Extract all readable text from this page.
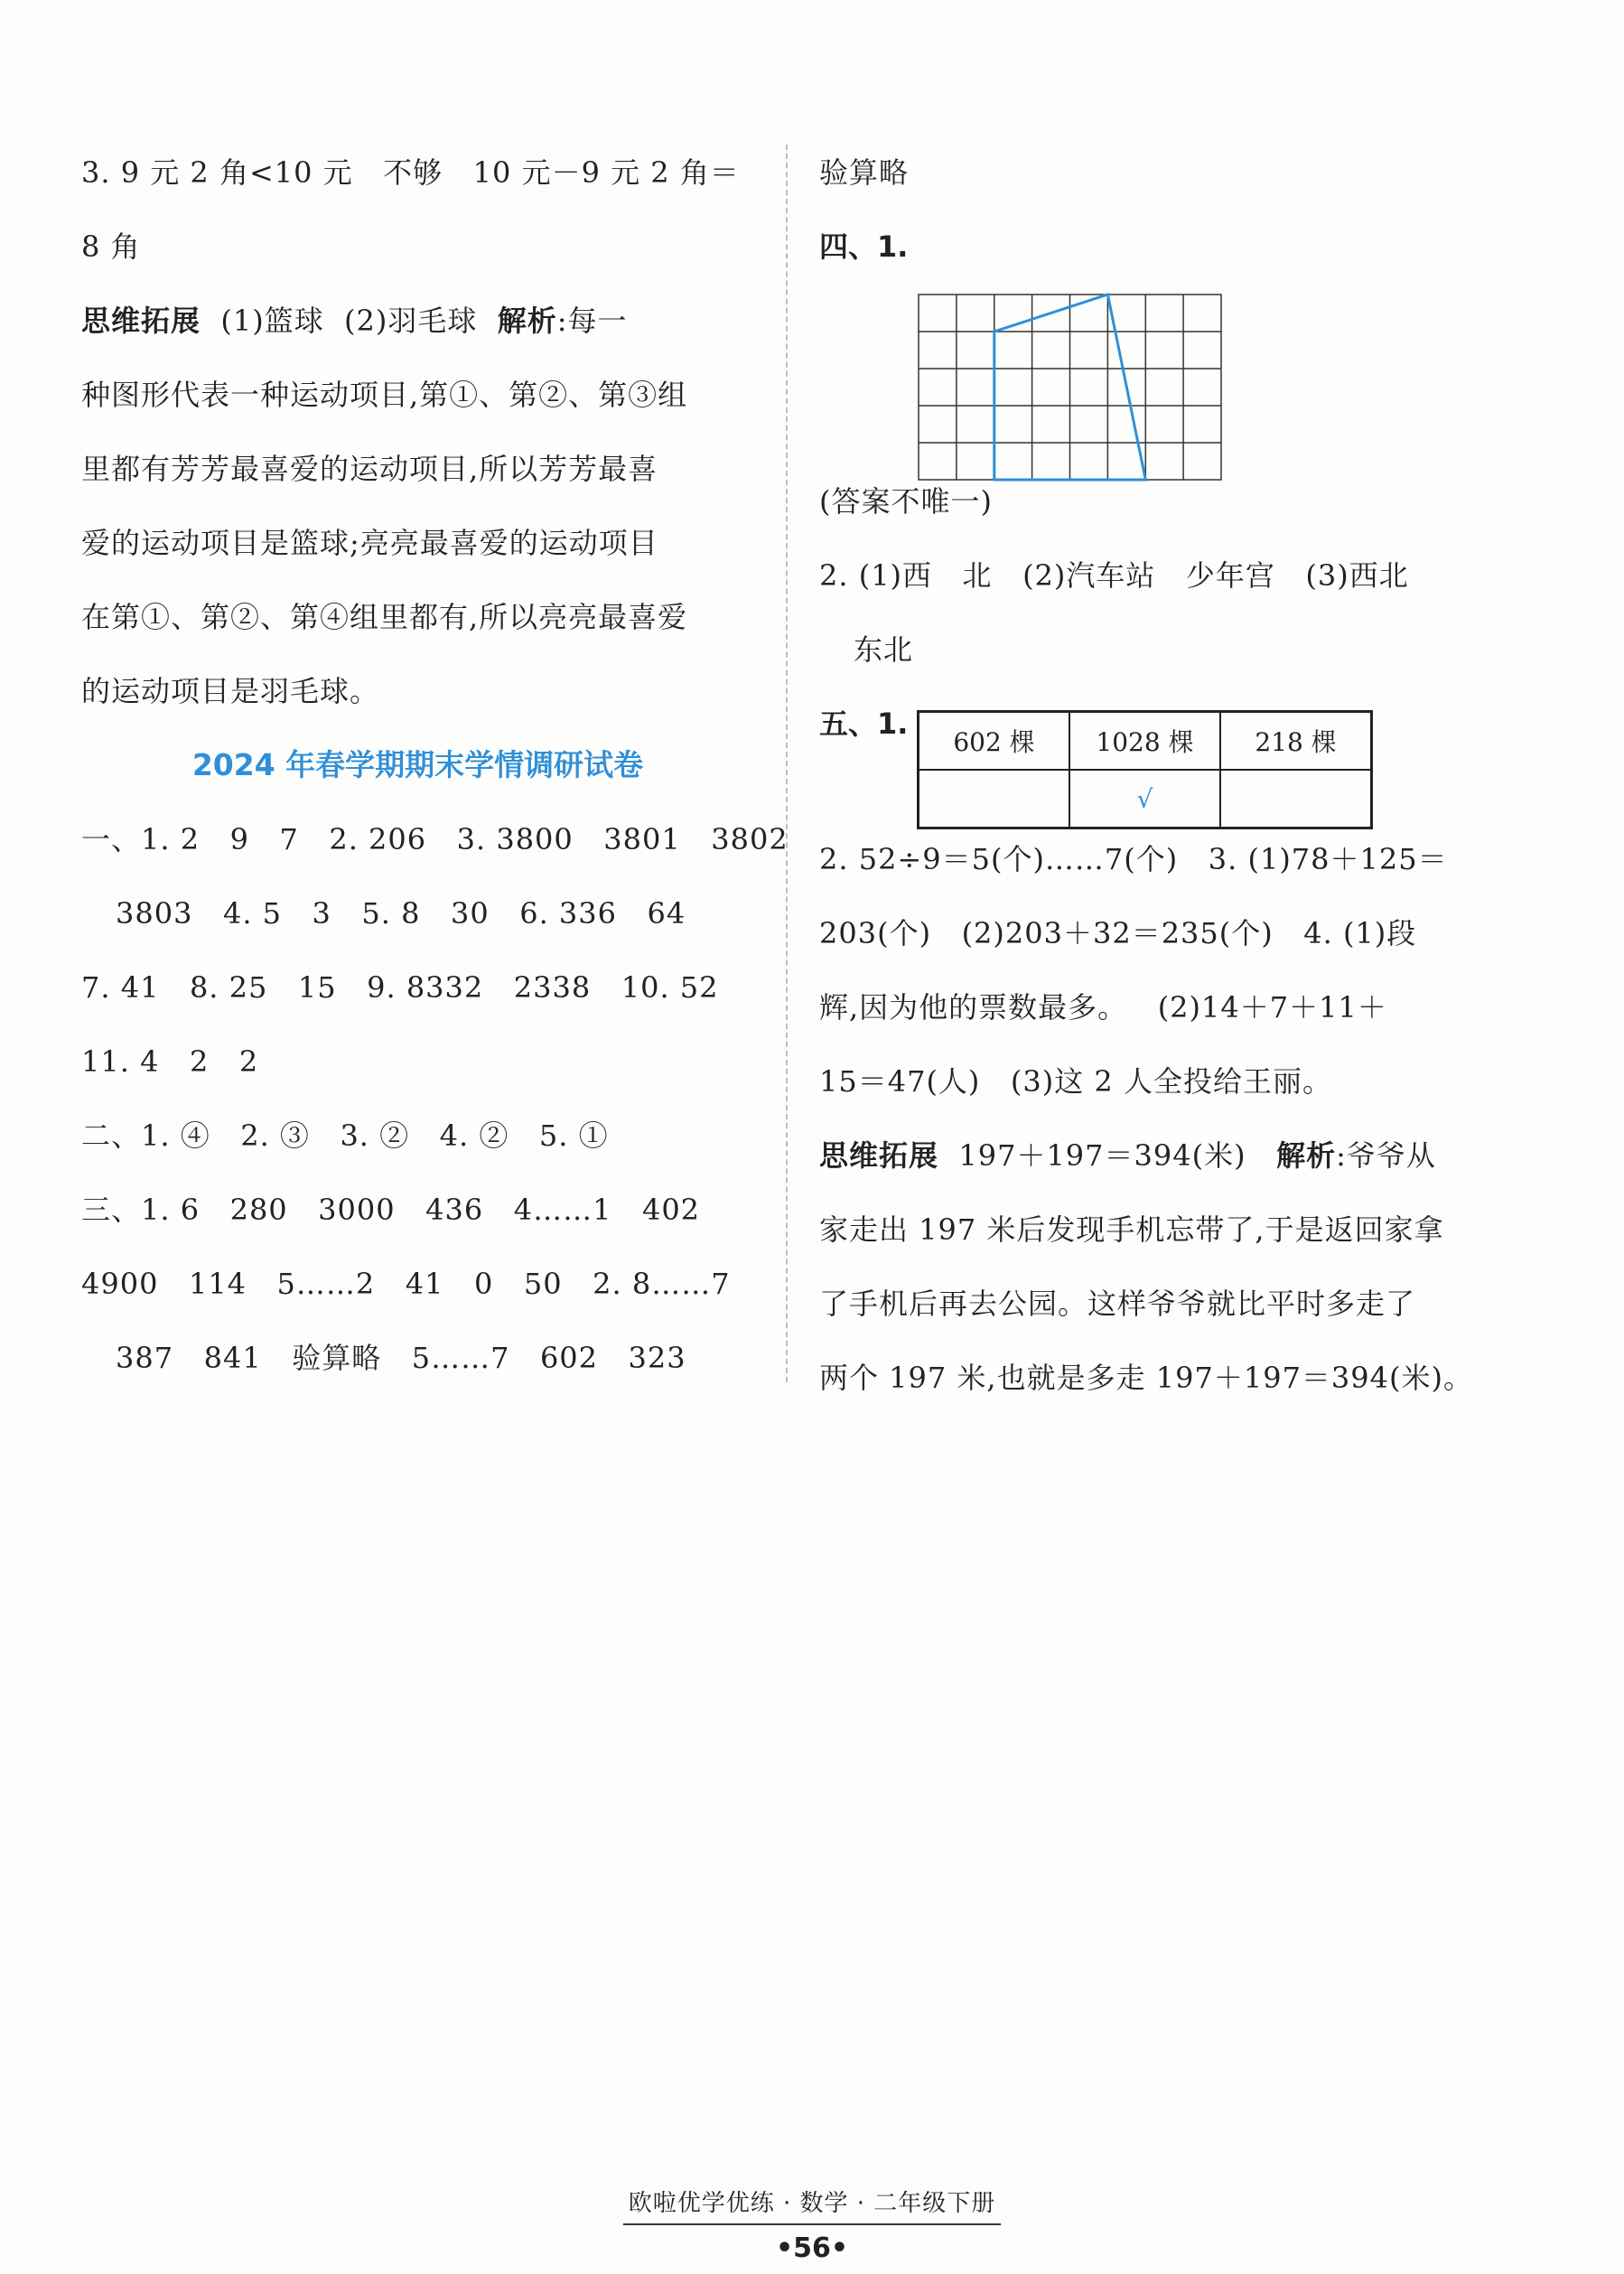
3. 9 元 2 角<10 元   不够   10 元－9 元 2 角＝
8 角
思维拓展  (1)篮球  (2)羽毛球  解析:每一
种图形代表一种运动项目,第①、第②、第③组
里都有芳芳最喜爱的运动项目,所以芳芳最喜
爱的运动项目是篮球;亮亮最喜爱的运动项目
在第①、第②、第④组里都有,所以亮亮最喜爱
的运动项目是羽毛球。
2024 年春学期期末学情调研试卷
一、1. 2   9   7   2. 206   3. 3800   3801   3802
3803   4. 5   3   5. 8   30   6. 336   64
7. 41   8. 25   15   9. 8332   2338   10. 52
11. 4   2   2
二、1. ④   2. ③   3. ②   4. ②   5. ①
三、1. 6   280   3000   436   4……1   402
4900   114   5……2   41   0   50   2. 8……7
387   841   验算略   5……7   602   323
验算略
四、1.
(答案不唯一)
2. (1)西   北   (2)汽车站   少年宫   (3)西北
东北
五、1.
602 棵	1028 棵	218 棵
	√	
2. 52÷9＝5(个)……7(个)   3. (1)78＋125＝
203(个)   (2)203＋32＝235(个)   4. (1)段
辉,因为他的票数最多。   (2)14＋7＋11＋
15＝47(人)   (3)这 2 人全投给王丽。
思维拓展  197＋197＝394(米)   解析:爷爷从
家走出 197 米后发现手机忘带了,于是返回家拿
了手机后再去公园。这样爷爷就比平时多走了
两个 197 米,也就是多走 197＋197＝394(米)。
欧啦优学优练 · 数学 · 二年级下册
•56•
